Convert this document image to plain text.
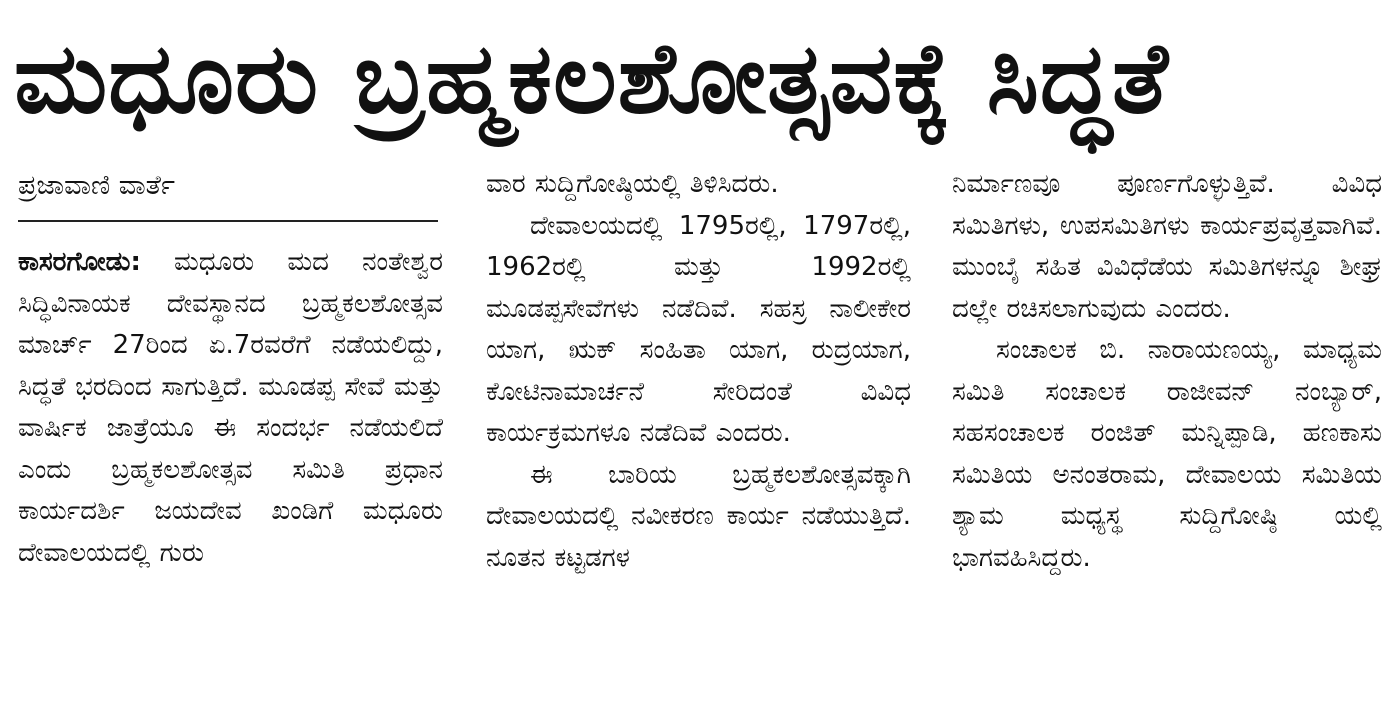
ಮಧೂರು ಬ್ರಹ್ಮಕಲಶೋತ್ಸವಕ್ಕೆ ಸಿದ್ಧತೆ

ಪ್ರಜಾವಾಣಿ ವಾರ್ತೆ

ಕಾಸರಗೋಡು: ಮಧೂರು ಮದ ನಂತೇಶ್ವರ ಸಿದ್ಧಿವಿನಾಯಕ ದೇವಸ್ಥಾನದ ಬ್ರಹ್ಮಕಲಶೋತ್ಸವ ಮಾರ್ಚ್ 27ರಿಂದ ಏ.7ರವರೆಗೆ ನಡೆಯಲಿದ್ದು, ಸಿದ್ಧತೆ ಭರದಿಂದ ಸಾಗುತ್ತಿದೆ. ಮೂಡಪ್ಪ ಸೇವೆ ಮತ್ತು ವಾರ್ಷಿಕ ಜಾತ್ರೆಯೂ ಈ ಸಂದರ್ಭ ನಡೆಯಲಿದೆ ಎಂದು ಬ್ರಹ್ಮಕಲಶೋತ್ಸವ ಸಮಿತಿ ಪ್ರಧಾನ ಕಾರ್ಯದರ್ಶಿ ಜಯದೇವ ಖಂಡಿಗೆ ಮಧೂರು ದೇವಾಲಯದಲ್ಲಿ ಗುರು

ವಾರ ಸುದ್ದಿಗೋಷ್ಠಿಯಲ್ಲಿ ತಿಳಿಸಿದರು.

ದೇವಾಲಯದಲ್ಲಿ 1795ರಲ್ಲಿ, 1797ರಲ್ಲಿ, 1962ರಲ್ಲಿ ಮತ್ತು 1992ರಲ್ಲಿ ಮೂಡಪ್ಪಸೇವೆಗಳು ನಡೆದಿವೆ. ಸಹಸ್ರ ನಾಲೀಕೇರ ಯಾಗ, ಋಕ್ ಸಂಹಿತಾ ಯಾಗ, ರುದ್ರಯಾಗ, ಕೋಟಿನಾಮಾರ್ಚನೆ ಸೇರಿದಂತೆ ವಿವಿಧ ಕಾರ್ಯಕ್ರಮಗಳೂ ನಡೆದಿವೆ ಎಂದರು.

ಈ ಬಾರಿಯ ಬ್ರಹ್ಮಕಲಶೋತ್ಸವಕ್ಕಾಗಿ ದೇವಾಲಯದಲ್ಲಿ ನವೀಕರಣ ಕಾರ್ಯ ನಡೆಯುತ್ತಿದೆ. ನೂತನ ಕಟ್ಟಡಗಳ

ನಿರ್ಮಾಣವೂ ಪೂರ್ಣಗೊಳ್ಳುತ್ತಿವೆ. ವಿವಿಧ ಸಮಿತಿಗಳು, ಉಪಸಮಿತಿಗಳು ಕಾರ್ಯಪ್ರವೃತ್ತವಾಗಿವೆ. ಮುಂಬೈ ಸಹಿತ ವಿವಿಧೆಡೆಯ ಸಮಿತಿಗಳನ್ನೂ ಶೀಘ್ರ ದಲ್ಲೇ ರಚಿಸಲಾಗುವುದು ಎಂದರು.

ಸಂಚಾಲಕ ಬಿ. ನಾರಾಯಣಯ್ಯ, ಮಾಧ್ಯಮ ಸಮಿತಿ ಸಂಚಾಲಕ ರಾಜೀವನ್ ನಂಬ್ಯಾರ್, ಸಹಸಂಚಾಲಕ ರಂಜಿತ್ ಮನ್ನಿಪ್ಪಾಡಿ, ಹಣಕಾಸು ಸಮಿತಿಯ ಅನಂತರಾಮ, ದೇವಾಲಯ ಸಮಿತಿಯ ಶ್ಯಾಮ ಮಧ್ಯಸ್ಥ ಸುದ್ದಿಗೋಷ್ಠಿ ಯಲ್ಲಿ ಭಾಗವಹಿಸಿದ್ದರು.
